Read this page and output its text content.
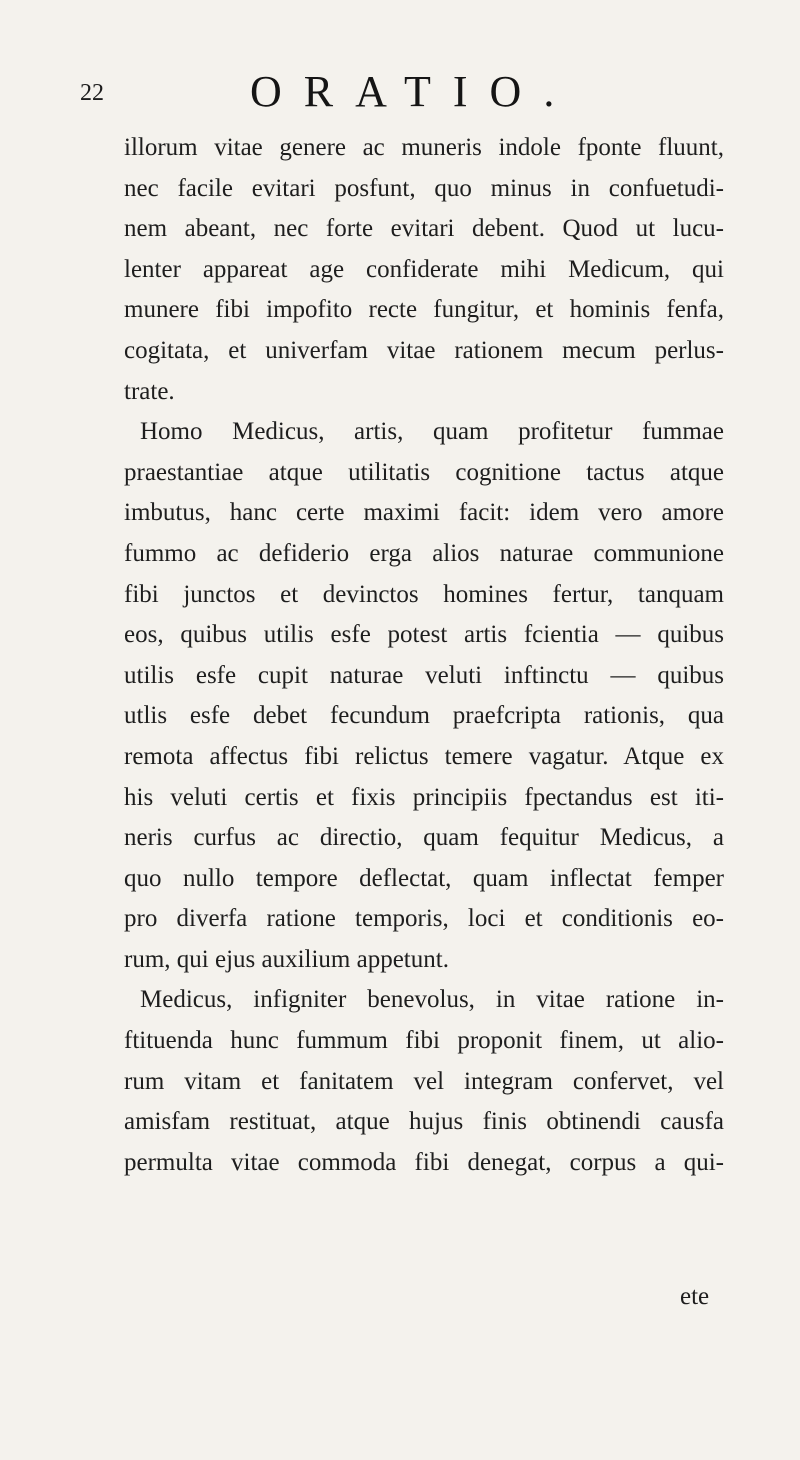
22	ORATIO.
illorum vitae genere ac muneris indole fponte fluunt,
nec facile evitari posfunt, quo minus in confuetudi-
nem abeant, nec forte evitari debent. Quod ut lucu-
lenter appareat age confiderate mihi Medicum, qui
munere fibi impofito recte fungitur, et hominis fenfa,
cogitata, et univerfam vitae rationem mecum perlus-
trate.
Homo Medicus, artis, quam profitetur fummae
praestantiae atque utilitatis cognitione tactus atque
imbutus, hanc certe maximi facit: idem vero amore
fummo ac defiderio erga alios naturae communione
fibi junctos et devinctos homines fertur, tanquam
eos, quibus utilis esfe potest artis fcientia — quibus
utilis esfe cupit naturae veluti inftinctu — quibus
utlis esfe debet fecundum praefcripta rationis, qua
remota affectus fibi relictus temere vagatur. Atque ex
his veluti certis et fixis principiis fpectandus est iti-
neris curfus ac directio, quam fequitur Medicus, a
quo nullo tempore deflectat, quam inflectat femper
pro diverfa ratione temporis, loci et conditionis eo-
rum, qui ejus auxilium appetunt.
Medicus, infigniter benevolus, in vitae ratione in-
ftituenda hunc fummum fibi proponit finem, ut alio-
rum vitam et fanitatem vel integram confervet, vel
amisfam restituat, atque hujus finis obtinendi causfa
permulta vitae commoda fibi denegat, corpus a qui-
ete
